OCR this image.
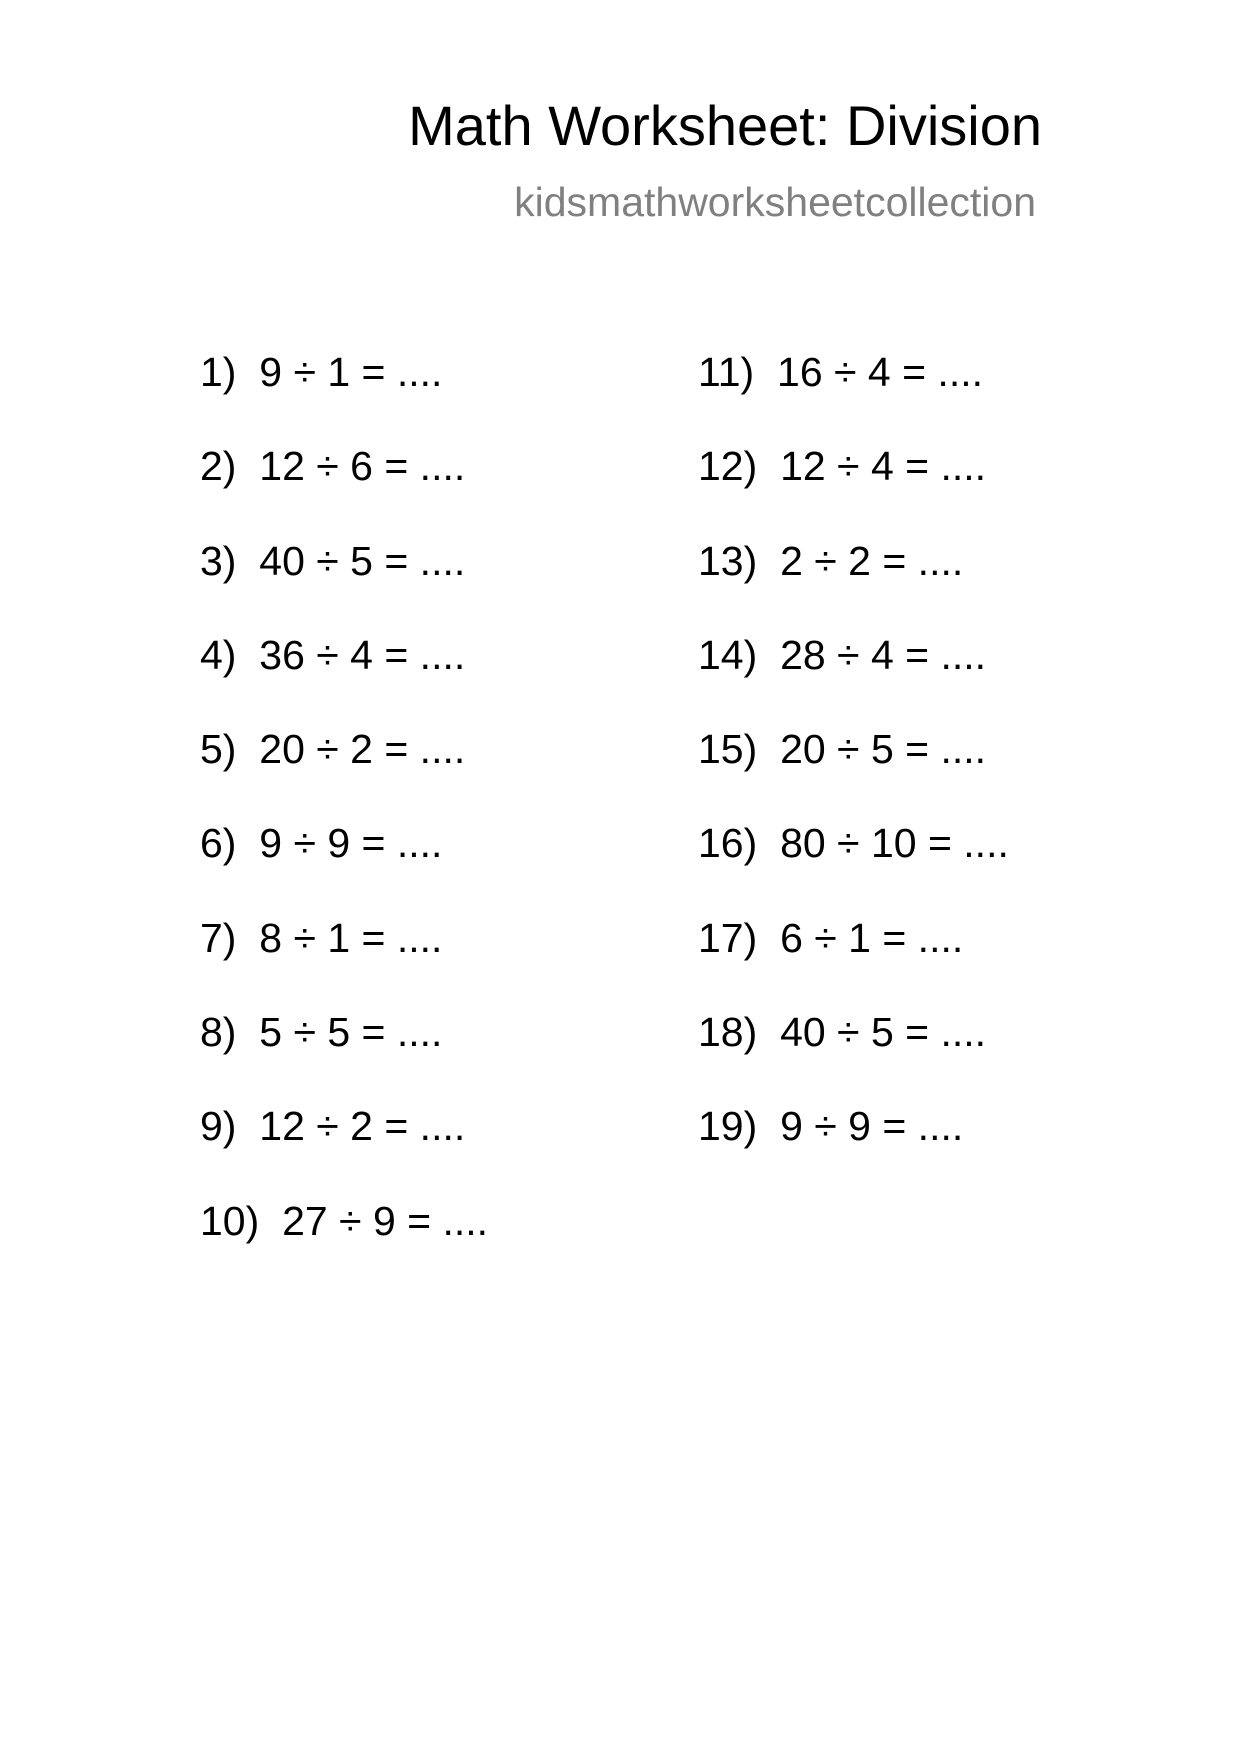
Math Worksheet: Division
kidsmathworksheetcollection
1) 9 ÷ 1 = ....
2) 12 ÷ 6 = ....
3) 40 ÷ 5 = ....
4) 36 ÷ 4 = ....
5) 20 ÷ 2 = ....
6) 9 ÷ 9 = ....
7) 8 ÷ 1 = ....
8) 5 ÷ 5 = ....
9) 12 ÷ 2 = ....
10) 27 ÷ 9 = ....
11) 16 ÷ 4 = ....
12) 12 ÷ 4 = ....
13) 2 ÷ 2 = ....
14) 28 ÷ 4 = ....
15) 20 ÷ 5 = ....
16) 80 ÷ 10 = ....
17) 6 ÷ 1 = ....
18) 40 ÷ 5 = ....
19) 9 ÷ 9 = ....
